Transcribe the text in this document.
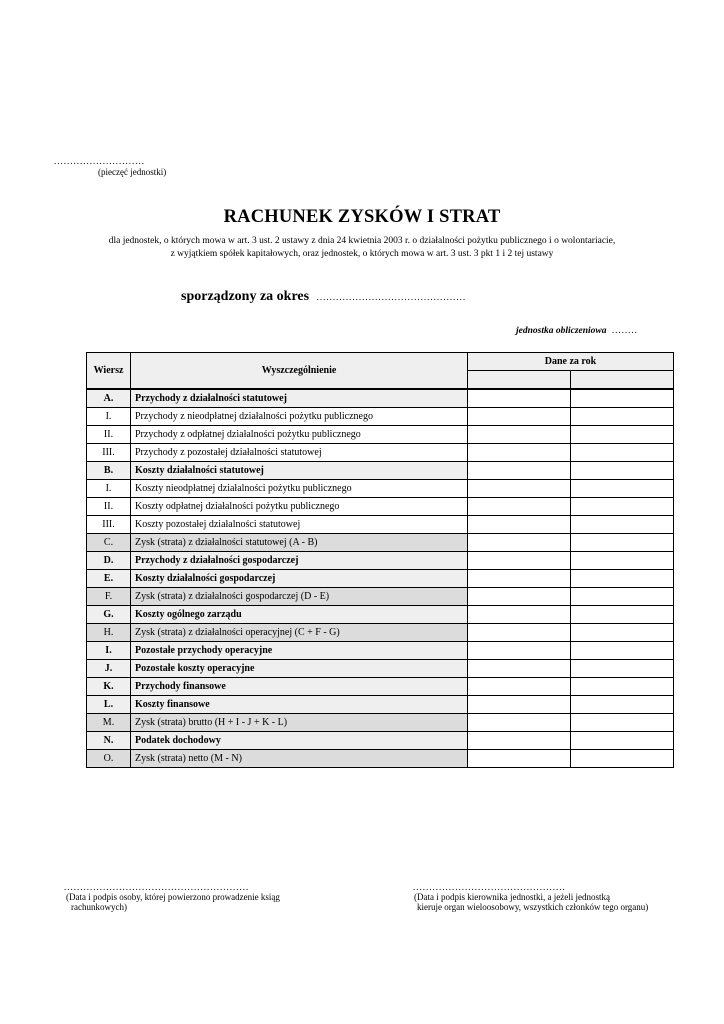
............................
(pieczęć jednostki)
RACHUNEK ZYSKÓW I STRAT
dla jednostek, o których mowa w art. 3 ust. 2 ustawy z dnia 24 kwietnia 2003 r. o działalności pożytku publicznego i o wolontariacie,
z wyjątkiem spółek kapitałowych, oraz jednostek, o których mowa w art. 3 ust. 3 pkt 1 i 2 tej ustawy
sporządzony za okres ..............................................
jednostka obliczeniowa ........
Wiersz	Wyszczególnienie	Dane za rok	

A.	Przychody z działalności statutowej		
I.	Przychody z nieodpłatnej działalności pożytku publicznego		
II.	Przychody z odpłatnej działalności pożytku publicznego		
III.	Przychody z pozostałej działalności statutowej		
B.	Koszty działalności statutowej		
I.	Koszty nieodpłatnej działalności pożytku publicznego		
II.	Koszty odpłatnej działalności pożytku publicznego		
III.	Koszty pozostałej działalności statutowej		
C.	Zysk (strata) z działalności statutowej (A - B)		
D.	Przychody z działalności gospodarczej		
E.	Koszty działalności gospodarczej		
F.	Zysk (strata) z działalności gospodarczej (D - E)		
G.	Koszty ogólnego zarządu		
H.	Zysk (strata) z działalności operacyjnej (C + F - G)		
I.	Pozostałe przychody operacyjne		
J.	Pozostałe koszty operacyjne		
K.	Przychody finansowe		
L.	Koszty finansowe		
M.	Zysk (strata) brutto (H + I - J + K - L)		
N.	Podatek dochodowy		
O.	Zysk (strata) netto (M - N)		
.........................................................
(Data i podpis osoby, której powierzono prowadzenie ksiąg
rachunkowych)
...............................................
(Data i podpis kierownika jednostki, a jeżeli jednostką
kieruje organ wieloosobowy, wszystkich członków tego organu)
